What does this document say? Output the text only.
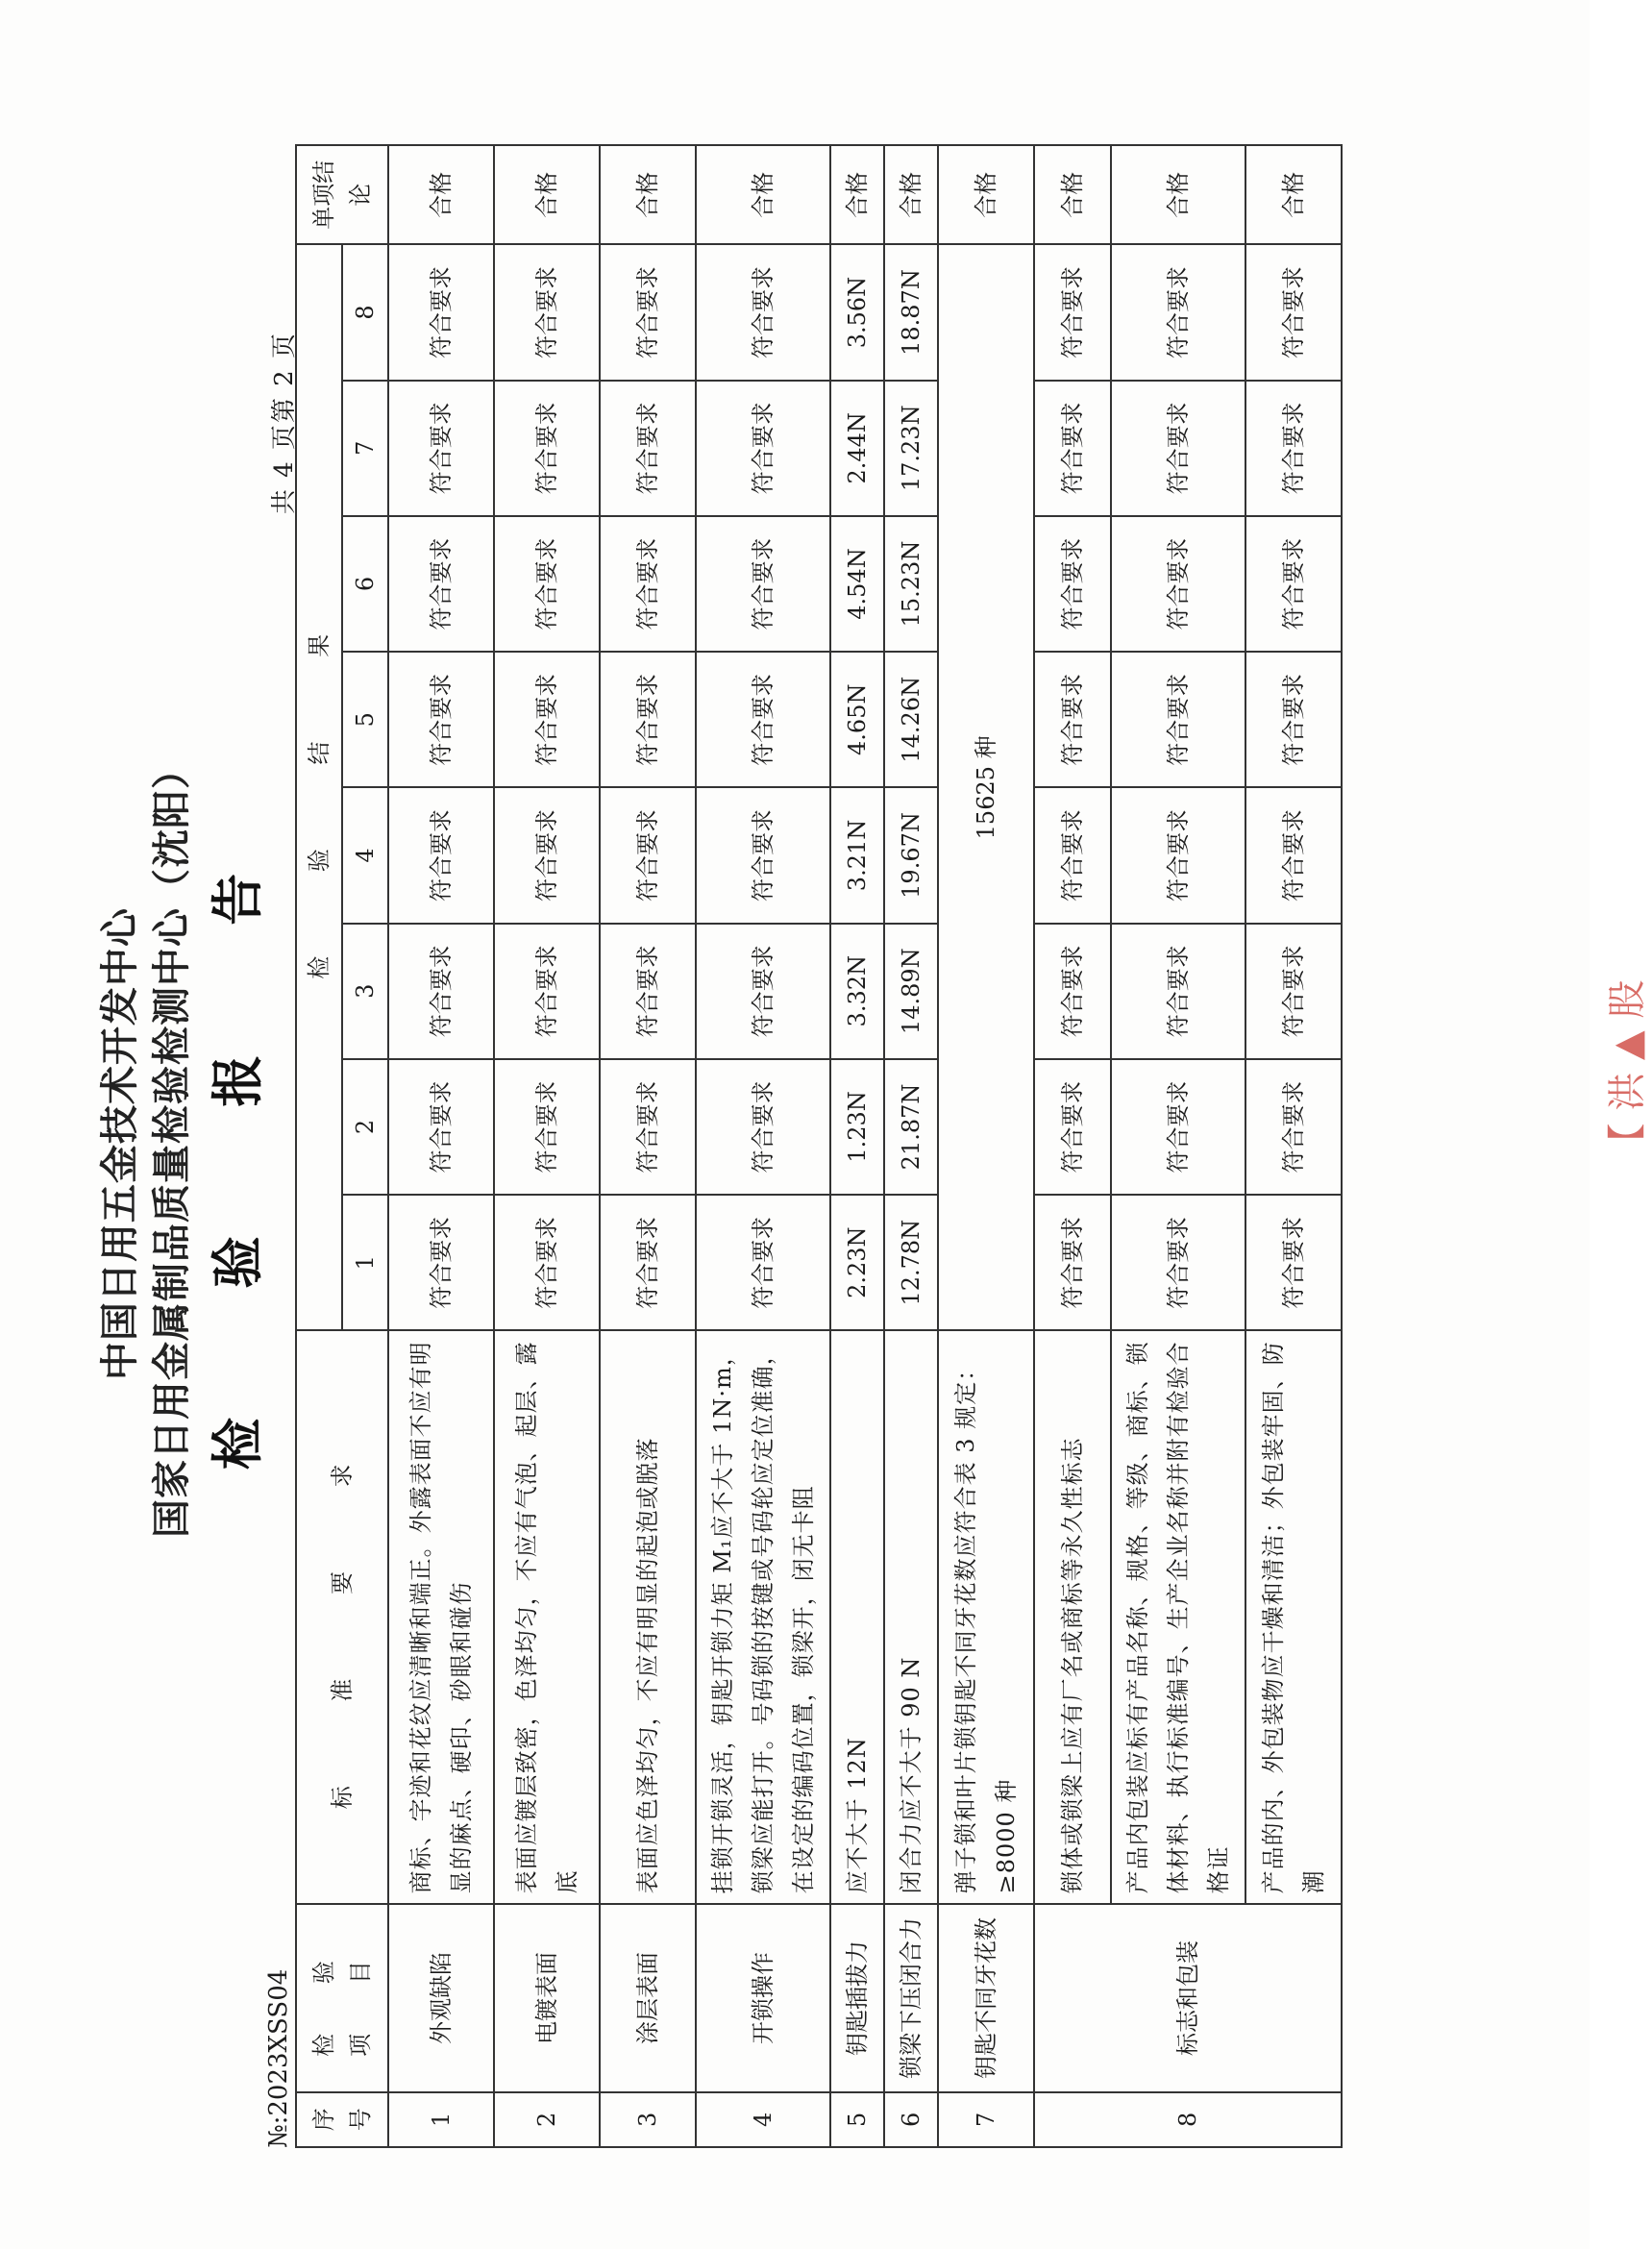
中国日用五金技术开发中心 国家日用金属制品质量检验检测中心（沈阳） 检 验 报 告
№:2023XSS04
共 4 页第 2 页
序号	检 验 项 目	标 准 要 求	检 验 结 果								单项结论
			1	2	3	4	5	6	7	8	
1	外观缺陷	商标、字迹和花纹应清晰和端正。外露表面不应有明显的麻点、硬印、砂眼和碰伤	符合要求	符合要求	符合要求	符合要求	符合要求	符合要求	符合要求	符合要求	合格
2	电镀表面	表面应镀层致密，色泽均匀，不应有气泡、起层、露底	符合要求	符合要求	符合要求	符合要求	符合要求	符合要求	符合要求	符合要求	合格
3	涂层表面	表面应色泽均匀，不应有明显的起泡或脱落	符合要求	符合要求	符合要求	符合要求	符合要求	符合要求	符合要求	符合要求	合格
4	开锁操作	挂锁开锁灵活，钥匙开锁力矩 M₁应不大于 1N·m，锁梁应能打开。号码锁的按键或号码轮应定位准确，在设定的编码位置，锁梁开，闭无卡阻	符合要求	符合要求	符合要求	符合要求	符合要求	符合要求	符合要求	符合要求	合格
5	钥匙插拔力	应不大于 12N	2.23N	1.23N	3.32N	3.21N	4.65N	4.54N	2.44N	3.56N	合格
6	锁梁下压闭合力	闭合力应不大于 90 N	12.78N	21.87N	14.89N	19.67N	14.26N	15.23N	17.23N	18.87N	合格
7	钥匙不同牙花数	弹子锁和叶片锁钥匙不同牙花数应符合表 3 规定：≥8000 种	15625 种								合格
8	标志和包装	锁体或锁梁上应有厂名或商标等永久性标志	符合要求	符合要求	符合要求	符合要求	符合要求	符合要求	符合要求	符合要求	合格
		产品内包装应标有产品名称、规格、等级、商标、锁体材料、执行标准编号、生产企业名称并附有检验合格证	符合要求	符合要求	符合要求	符合要求	符合要求	符合要求	符合要求	符合要求	合格
		产品的内、外包装物应干燥和清洁；外包装牢固、防潮	符合要求	符合要求	符合要求	符合要求	符合要求	符合要求	符合要求	符合要求	合格
【 洪 ▲ 股
